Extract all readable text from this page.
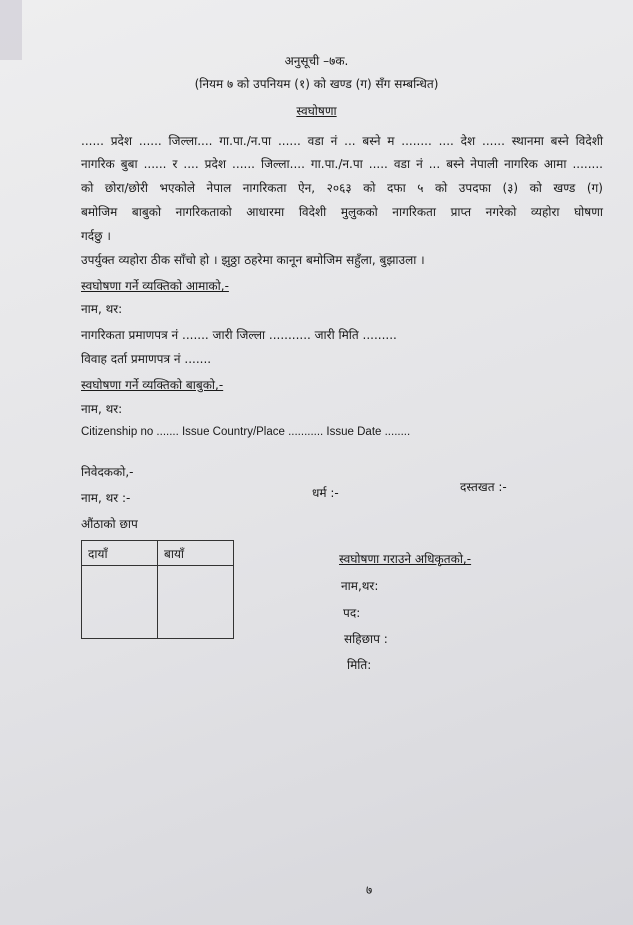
अनुसूची –७क.
(नियम ७ को उपनियम (१) को खण्ड (ग) सँग सम्बन्धित)
स्वघोषणा
...... प्रदेश ...... जिल्ला.... गा.पा./न.पा ...... वडा नं ... बस्ने म ........ .... देश ...... स्थानमा बस्ने विदेशी
नागरिक बुबा ...... र .... प्रदेश ...... जिल्ला.... गा.पा./न.पा ..... वडा नं ... बस्ने नेपाली नागरिक आमा ........
को छोरा/छोरी भएकोले नेपाल नागरिकता ऐन, २०६३ को दफा ५ को उपदफा (३) को खण्ड (ग)
बमोजिम बाबुको नागरिकताको आधारमा विदेशी मुलुकको नागरिकता प्राप्त नगरेको व्यहोरा घोषणा
गर्दछु ।
उपर्युक्त व्यहोरा ठीक साँचो हो । झुठ्ठा ठहरेमा कानून बमोजिम सहुँला, बुझाउला ।
स्वघोषणा गर्ने व्यक्तिको आमाको,-
नाम, थर:
नागरिकता प्रमाणपत्र नं ....... जारी जिल्ला ........... जारी मिति .........
विवाह दर्ता प्रमाणपत्र नं .......
स्वघोषणा गर्ने व्यक्तिको बाबुको,-
नाम, थर:
Citizenship no ....... Issue Country/Place ........... Issue Date ........
निवेदकको,-
नाम, थर :-	धर्म :-	दस्तखत :-
औंठाको छाप
दायाँ	बायाँ
		स्वघोषणा गराउने अधिकृतको,-
नाम,थर:
पद:
सहिछाप :
मिति:
७
